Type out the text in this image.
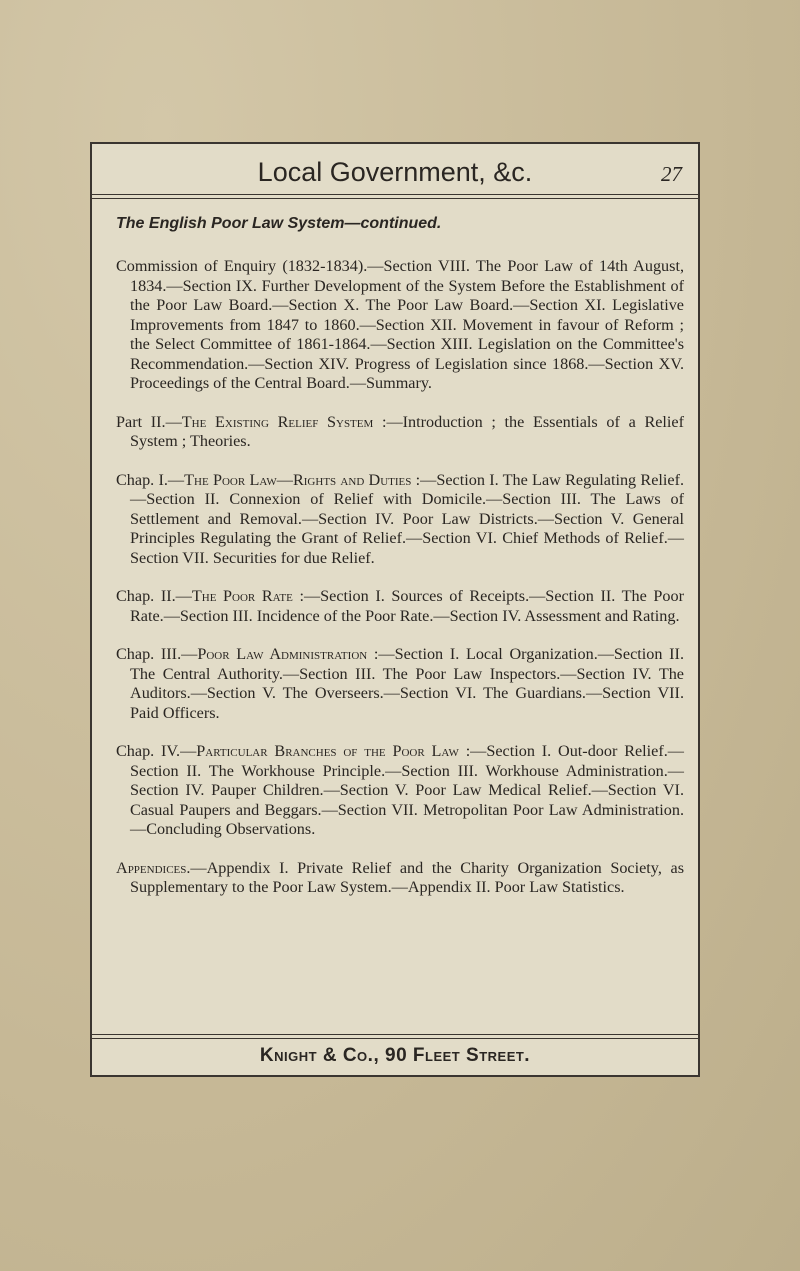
Local Government, &c.	27
The English Poor Law System—continued.

Commission of Enquiry (1832-1834).—Section VIII. The Poor Law of 14th August, 1834.—Section IX. Further Development of the System Before the Establishment of the Poor Law Board.—Section X. The Poor Law Board.—Section XI. Legislative Improvements from 1847 to 1860.—Section XII. Movement in favour of Reform ; the Select Committee of 1861-1864.—Section XIII. Legislation on the Committee's Recommendation.—Section XIV. Progress of Legislation since 1868.—Section XV. Proceedings of the Central Board.—Summary.

Part II.—The Existing Relief System :—Introduction ; the Essentials of a Relief System ; Theories.

Chap. I.—The Poor Law—Rights and Duties :—Section I. The Law Regulating Relief.—Section II. Connexion of Relief with Domicile.—Section III. The Laws of Settlement and Removal.—Section IV. Poor Law Districts.—Section V. General Principles Regulating the Grant of Relief.—Section VI. Chief Methods of Relief.—Section VII. Securities for due Relief.

Chap. II.—The Poor Rate :—Section I. Sources of Receipts.—Section II. The Poor Rate.—Section III. Incidence of the Poor Rate.—Section IV. Assessment and Rating.

Chap. III.—Poor Law Administration :—Section I. Local Organization.—Section II. The Central Authority.—Section III. The Poor Law Inspectors.—Section IV. The Auditors.—Section V. The Overseers.—Section VI. The Guardians.—Section VII. Paid Officers.

Chap. IV.—Particular Branches of the Poor Law :—Section I. Out-door Relief.—Section II. The Workhouse Principle.—Section III. Workhouse Administration.—Section IV. Pauper Children.—Section V. Poor Law Medical Relief.—Section VI. Casual Paupers and Beggars.—Section VII. Metropolitan Poor Law Administration.—Concluding Observations.

Appendices.—Appendix I. Private Relief and the Charity Organization Society, as Supplementary to the Poor Law System.—Appendix II. Poor Law Statistics.

Knight & Co., 90 Fleet Street.
